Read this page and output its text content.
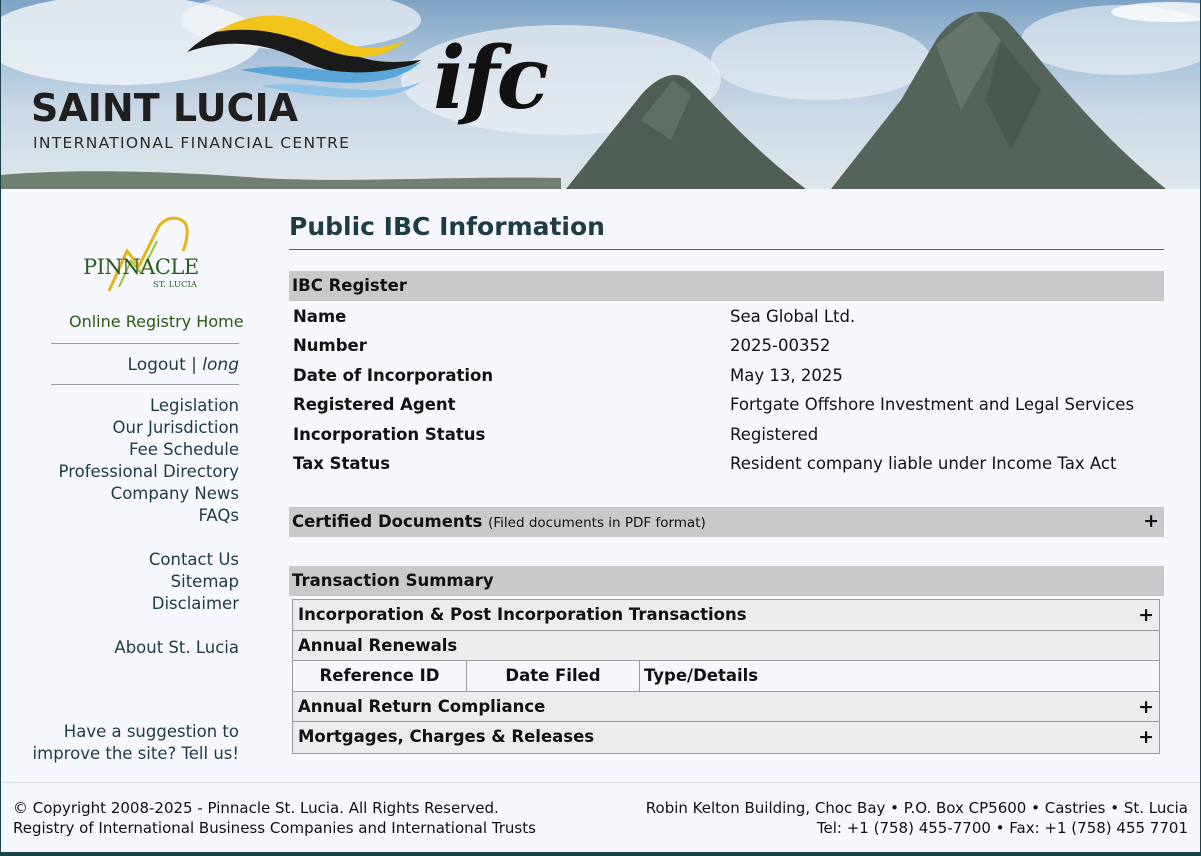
SAINT LUCIA
INTERNATIONAL FINANCIAL CENTRE
ifc
PINNACLE
ST. LUCIA
Online Registry Home
Logout | long
Legislation
Our Jurisdiction
Fee Schedule
Professional Directory
Company News
FAQs
Contact Us
Sitemap
Disclaimer
About St. Lucia
Have a suggestion to
improve the site? Tell us!
Public IBC Information
IBC Register
Name	Sea Global Ltd.
Number	2025-00352
Date of Incorporation	May 13, 2025
Registered Agent	Fortgate Offshore Investment and Legal Services
Incorporation Status	Registered
Tax Status	Resident company liable under Income Tax Act
Certified Documents (Filed documents in PDF format)	+
Transaction Summary
Incorporation & Post Incorporation Transactions	+
Annual Renewals
Reference ID	Date Filed	Type/Details
Annual Return Compliance	+
Mortgages, Charges & Releases	+
© Copyright 2008-2025 - Pinnacle St. Lucia. All Rights Reserved.
Registry of International Business Companies and International Trusts
Robin Kelton Building, Choc Bay • P.O. Box CP5600 • Castries • St. Lucia
Tel: +1 (758) 455-7700 • Fax: +1 (758) 455 7701
